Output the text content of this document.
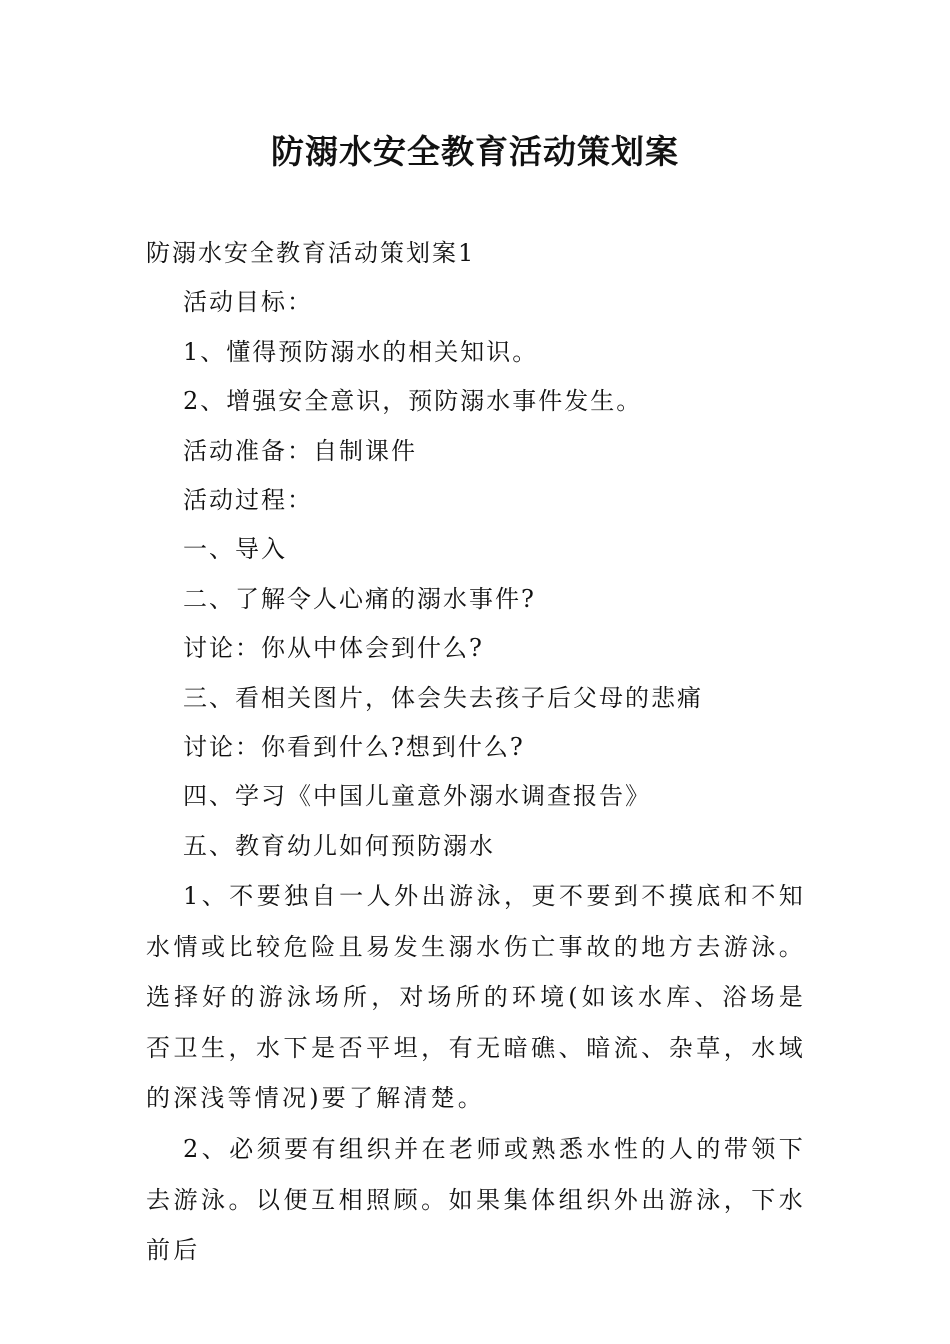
防溺水安全教育活动策划案
防溺水安全教育活动策划案1
活动目标：
1、懂得预防溺水的相关知识。
2、增强安全意识，预防溺水事件发生。
活动准备：自制课件
活动过程：
一、导入
二、了解令人心痛的溺水事件?
讨论：你从中体会到什么?
三、看相关图片，体会失去孩子后父母的悲痛
讨论：你看到什么?想到什么?
四、学习《中国儿童意外溺水调查报告》
五、教育幼儿如何预防溺水

1、不要独自一人外出游泳，更不要到不摸底和不知水情或比较危险且易发生溺水伤亡事故的地方去游泳。选择好的游泳场所，对场所的环境(如该水库、浴场是否卫生，水下是否平坦，有无暗礁、暗流、杂草，水域的深浅等情况)要了解清楚。

2、必须要有组织并在老师或熟悉水性的人的带领下去游泳。以便互相照顾。如果集体组织外出游泳，下水前后
